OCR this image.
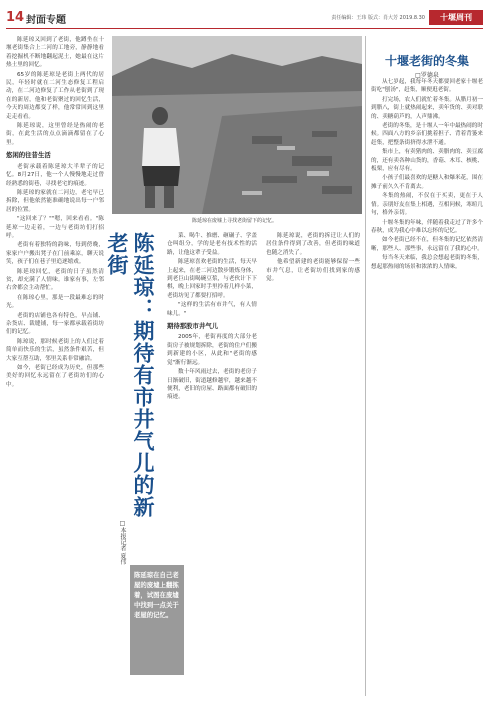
14 封面专题	责任编辑：王玮 版式：肖大芳 2019.8.30	十堰周刊

陈延琼又回到了老街，他蹲坐在十堰老街集合上二河的工地旁，静静地看着挖掘机不断地翻起泥土，她最在这片热土里的回忆。

65岁的陈延琼是老街上两代的居民，年轻时就在二河生态修复工程启动，在二河边修复了工作从老街到了现在的新居，他和老街聚过的回忆生活，今天的周边都变了样，他常常回到这里走走看看。

陈延琼说，这里曾经是热闹的老街，在此生活的点点滴滴都留在了心里。

悠闲的往昔生活

老街承载着陈延琼大半辈子的记忆。8月27日，他一个人慢慢地走过曾经熟悉的街巷，寻找老宅的痕迹。

陈延琼的家就在二河边，老宅早已拆除，但他依然能准确地说出每一户邻居的位置。

"这回来了？""嗯，回来看看。"陈延琼一边走着，一边与老街坊们打招呼。

老街有着独特的韵味，每到傍晚，家家户户搬出凳子在门前乘凉，聊天说笑，孩子们在巷子里追逐嬉戏。

陈延琼回忆，老街的日子虽然清贫，却充满了人情味。谁家有事，左邻右舍都会主动帮忙。

在陈琼心里，那是一段最难忘的时光。

老街的店铺也各有特色，早点铺、杂货店、裁缝铺，每一家都承载着街坊们的记忆。

陈琼说，那时候老街上的人们过着简单而快乐的生活，虽然条件艰苦，但大家互帮互助，邻里关系非常融洽。

如今，老街已经成为历史，但那些美好的回忆永远留在了老街坊们的心中。

陈延琼在废墟上寻找老街留下的记忆。
陈延琼：期待有市井气儿的新老街
□本报记者 夏伟
陈延琼在自己老屋的废墟上翻拣着，试图在废墟中找到一点关于老屋的记忆。

菜、喝牛、推磨、砸碾子、学盖仓叫组分，学的是老有技术性的活路，让他这辈子受益。

陈延琼喜欢老街的生活，每天早上起来，在老二河边散步锻炼身体，到老巨山街喝碗豆浆，与老伙计下下棋，晚上回家时手里拎着几样小菜，老街坊见了都要打招呼。

"这样的生活有市井气，有人情味儿。"

期待那股市井气儿

2005年，老街再度的大部分老街房子被规划拆除，老街的住户们搬到新建的小区，从此和"老街的感觉"渐行渐远。

数十年风雨过去，老街的老房子日渐破旧，街道越修越窄，越来越不便利，老旧的房屋、路面都有破旧的痕迹。

陈延琼说，老街的拆迁让人们的居住条件得到了改善，但老街的味道也随之消失了。

他希望新建的老街能够保留一些市井气息，让老街坊们找到家的感觉。

十堰老街的冬集
□罗德泉

从七岁起，我每年冬天都要回老家十堰老街吃"刨汤"，赶集，顺便逛老街。

打完场，农人们就忙着冬集。从腊月初一到腊八，街上就热闹起来，卖年货的、卖对联的、卖糖葫芦的，人声鼎沸。

老街的冬集，是十堰人一年中最热闹的时候。四面八方的乡亲们挑着担子、背着背篓来赶集，把整条街挤得水泄不通。

集市上，有卖猪肉的、卖腊肉的、卖豆腐的，还有卖各种山货的，香菇、木耳、核桃、板栗，应有尽有。

小孩子们最喜欢的是糖人和爆米花，围在摊子前久久不肯离去。

冬集的热闹，不仅在于买卖，更在于人情。亲朋好友在集上相遇，互相问候，寒暄几句，格外亲切。

十堰冬集的年味，伴随着我走过了许多个春秋，成为我心中难以忘怀的记忆。

如今老街已经不在，但冬集的记忆依然清晰，那些人、那些事，永远留在了我的心中。

每当冬天来临，我总会想起老街的冬集，想起那热闹的场景和浓浓的人情味。
